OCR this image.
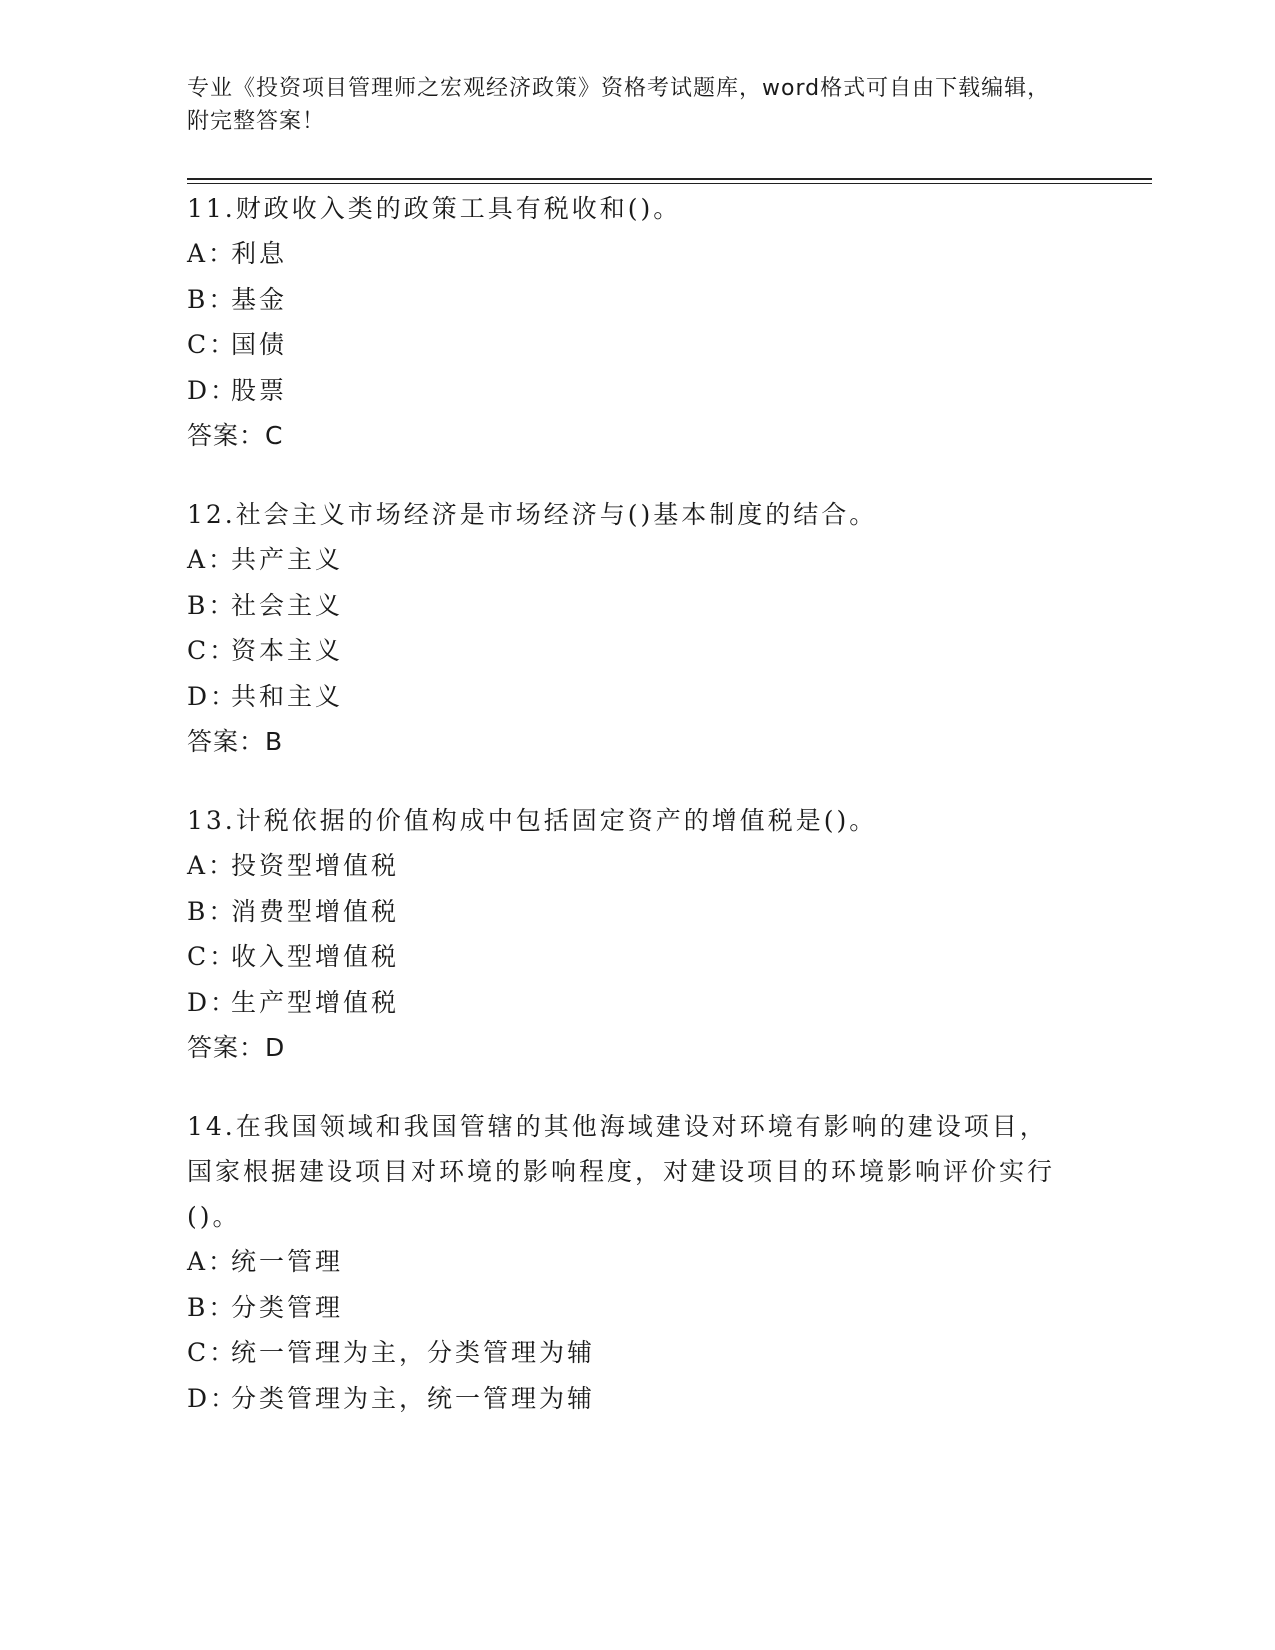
专业《投资项目管理师之宏观经济政策》资格考试题库，word格式可自由下载编辑，附完整答案！

11.财政收入类的政策工具有税收和()。

A：
利息
B：
基金
C：
国债
D：
股票
答案：C

12.社会主义市场经济是市场经济与()基本制度的结合。

A：
共产主义
B：
社会主义
C：
资本主义
D：
共和主义
答案：B

13.计税依据的价值构成中包括固定资产的增值税是()。

A：
投资型增值税
B：
消费型增值税
C：
收入型增值税
D：
生产型增值税
答案：D

14.在我国领域和我国管辖的其他海域建设对环境有影响的建设项目，国家根据建设项目对环境的影响程度，对建设项目的环境影响评价实行()。

A：
统一管理
B：
分类管理
C：
统一管理为主，分类管理为辅
D：
分类管理为主，统一管理为辅
